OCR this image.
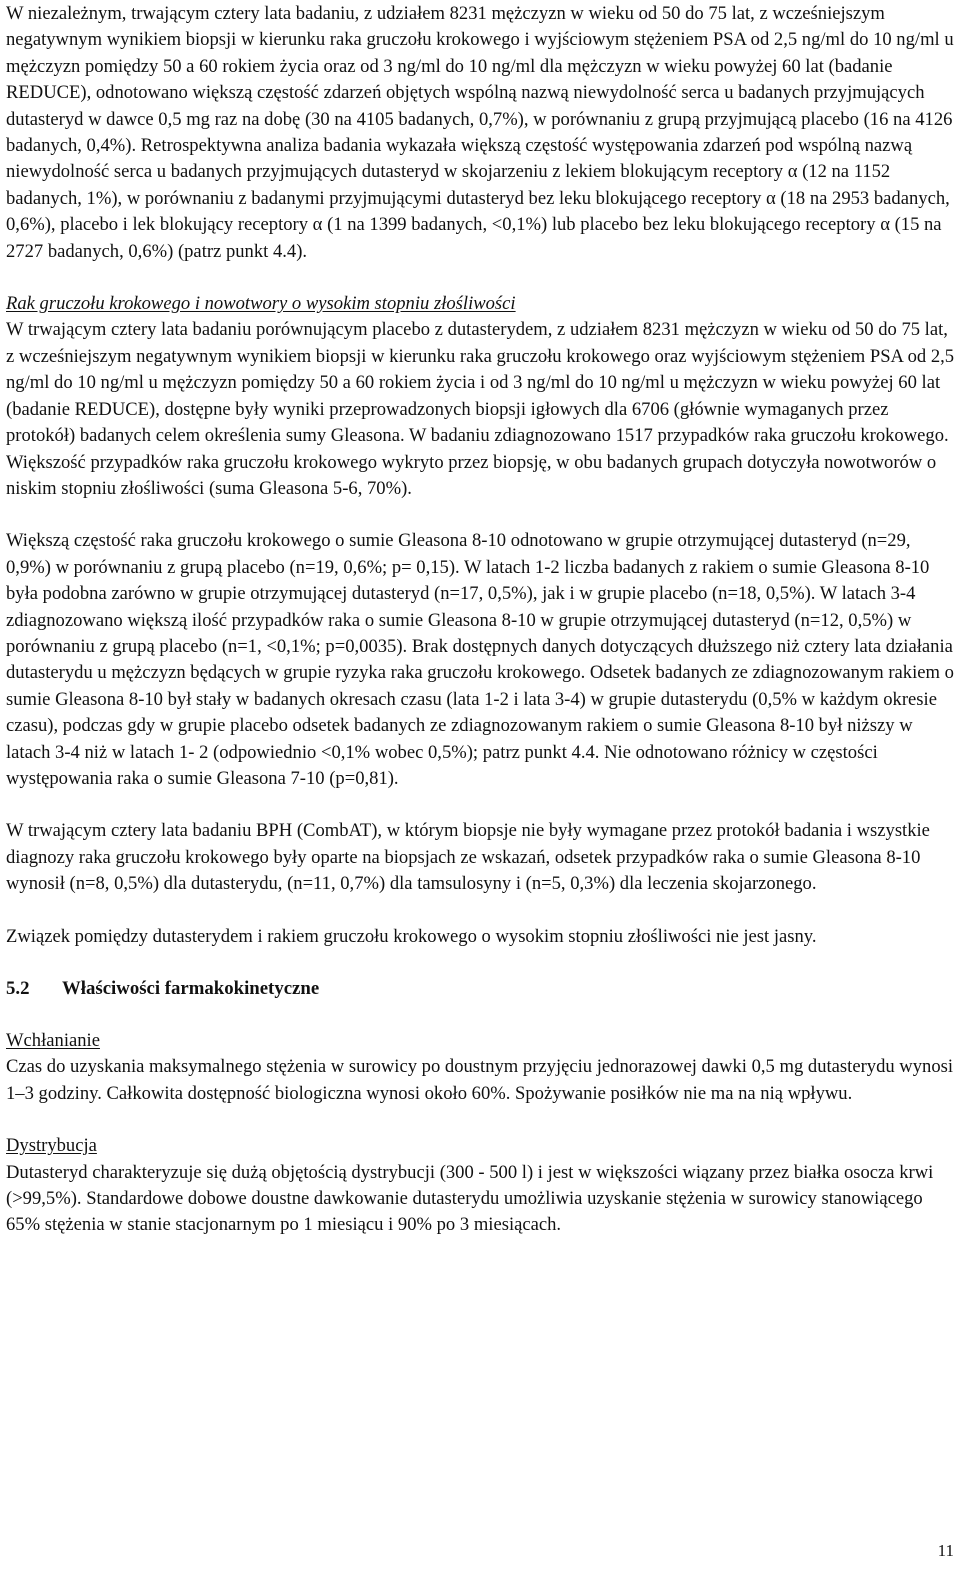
W niezależnym, trwającym cztery lata badaniu, z udziałem 8231 mężczyzn w wieku od 50 do 75 lat, z wcześniejszym negatywnym wynikiem biopsji w kierunku raka gruczołu krokowego i wyjściowym stężeniem PSA od 2,5 ng/ml do 10 ng/ml u mężczyzn pomiędzy 50 a 60 rokiem życia oraz od 3 ng/ml do 10 ng/ml dla mężczyzn w wieku powyżej 60 lat (badanie REDUCE), odnotowano większą częstość zdarzeń objętych wspólną nazwą niewydolność serca u badanych przyjmujących dutasteryd w dawce 0,5 mg raz na dobę (30 na 4105 badanych, 0,7%), w porównaniu z grupą przyjmującą placebo (16 na 4126 badanych, 0,4%). Retrospektywna analiza badania wykazała większą częstość występowania zdarzeń pod wspólną nazwą niewydolność serca u badanych przyjmujących dutasteryd w skojarzeniu z lekiem blokującym receptory α (12 na 1152 badanych, 1%), w porównaniu z badanymi przyjmującymi dutasteryd bez leku blokującego receptory α (18 na 2953 badanych, 0,6%), placebo i lek blokujący receptory α (1 na 1399 badanych, <0,1%) lub placebo bez leku blokującego receptory α (15 na 2727 badanych, 0,6%) (patrz punkt 4.4).

Rak gruczołu krokowego i nowotwory o wysokim stopniu złośliwości

W trwającym cztery lata badaniu porównującym placebo z dutasterydem, z udziałem 8231 mężczyzn w wieku od 50 do 75 lat, z wcześniejszym negatywnym wynikiem biopsji w kierunku raka gruczołu krokowego oraz wyjściowym stężeniem PSA od 2,5 ng/ml do 10 ng/ml u mężczyzn pomiędzy 50 a 60 rokiem życia i od 3 ng/ml do 10 ng/ml u mężczyzn w wieku powyżej 60 lat (badanie REDUCE), dostępne były wyniki przeprowadzonych biopsji igłowych dla 6706 (głównie wymaganych przez protokół) badanych celem określenia sumy Gleasona. W badaniu zdiagnozowano 1517 przypadków raka gruczołu krokowego. Większość przypadków raka gruczołu krokowego wykryto przez biopsję, w obu badanych grupach dotyczyła nowotworów o niskim stopniu złośliwości (suma Gleasona 5-6, 70%).

Większą częstość raka gruczołu krokowego o sumie Gleasona 8-10 odnotowano w grupie otrzymującej dutasteryd (n=29, 0,9%) w porównaniu z grupą placebo (n=19, 0,6%; p= 0,15). W latach 1-2 liczba badanych z rakiem o sumie Gleasona 8-10 była podobna zarówno w grupie otrzymującej dutasteryd (n=17, 0,5%), jak i w grupie placebo (n=18, 0,5%). W latach 3-4 zdiagnozowano większą ilość przypadków raka o sumie Gleasona 8-10 w grupie otrzymującej dutasteryd (n=12, 0,5%) w porównaniu z grupą placebo (n=1, <0,1%; p=0,0035). Brak dostępnych danych dotyczących dłuższego niż cztery lata działania dutasterydu u mężczyzn będących w grupie ryzyka raka gruczołu krokowego. Odsetek badanych ze zdiagnozowanym rakiem o sumie Gleasona 8-10 był stały w badanych okresach czasu (lata 1-2 i lata 3-4) w grupie dutasterydu (0,5% w każdym okresie czasu), podczas gdy w grupie placebo odsetek badanych ze zdiagnozowanym rakiem o sumie Gleasona 8-10 był niższy w latach 3-4 niż w latach 1- 2 (odpowiednio <0,1% wobec 0,5%); patrz punkt 4.4. Nie odnotowano różnicy w częstości występowania raka o sumie Gleasona 7-10 (p=0,81).

W trwającym cztery lata badaniu BPH (CombAT), w którym biopsje nie były wymagane przez protokół badania i wszystkie diagnozy raka gruczołu krokowego były oparte na biopsjach ze wskazań, odsetek przypadków raka o sumie Gleasona 8-10 wynosił (n=8, 0,5%) dla dutasterydu, (n=11, 0,7%) dla tamsulosyny i (n=5, 0,3%) dla leczenia skojarzonego.

Związek pomiędzy dutasterydem i rakiem gruczołu krokowego o wysokim stopniu złośliwości nie jest jasny.

5.2 Właściwości farmakokinetyczne
Wchłanianie

Czas do uzyskania maksymalnego stężenia w surowicy po doustnym przyjęciu jednorazowej dawki 0,5 mg dutasterydu wynosi 1–3 godziny. Całkowita dostępność biologiczna wynosi około 60%. Spożywanie posiłków nie ma na nią wpływu.

Dystrybucja

Dutasteryd charakteryzuje się dużą objętością dystrybucji (300 - 500 l) i jest w większości wiązany przez białka osocza krwi (>99,5%). Standardowe dobowe doustne dawkowanie dutasterydu umożliwia uzyskanie stężenia w surowicy stanowiącego 65% stężenia w stanie stacjonarnym po 1 miesiącu i 90% po 3 miesiącach.

11
